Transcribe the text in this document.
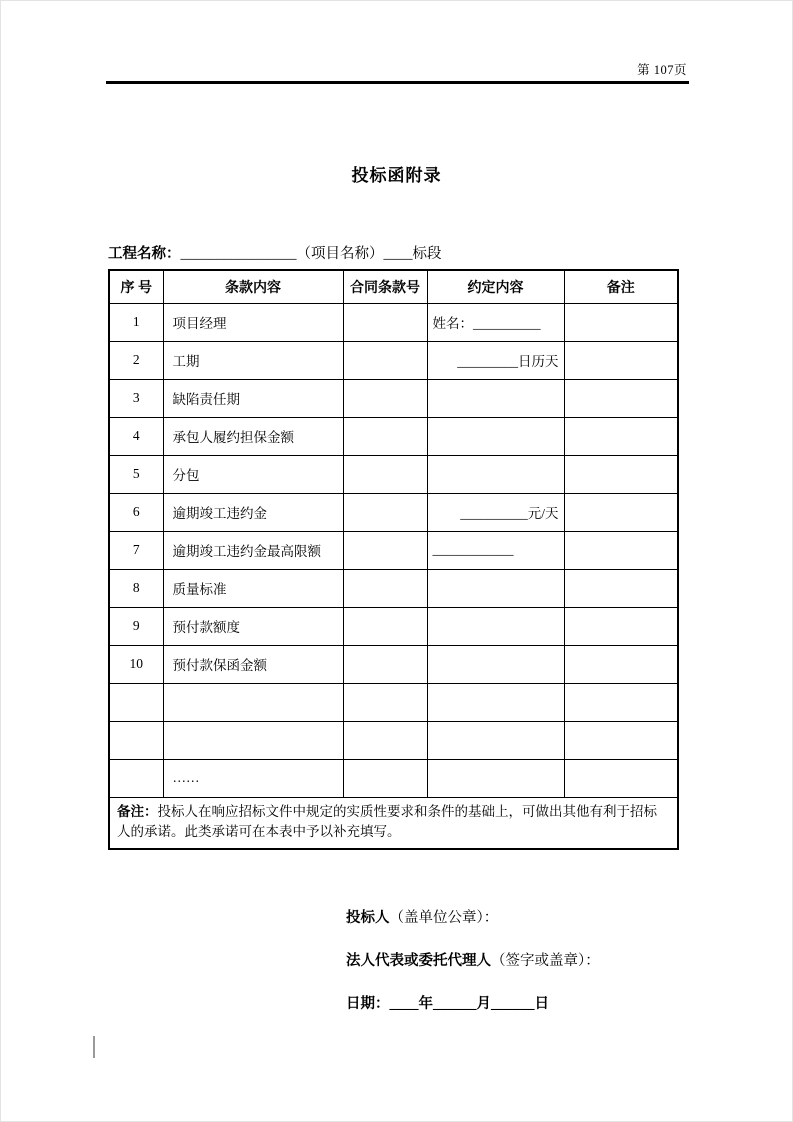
第 107页
投标函附录
工程名称：________________（项目名称）____标段
序 号	条款内容	合同条款号	约定内容	备注
1	项目经理		姓名：__________	
2	工期		_________日历天	
3	缺陷责任期			
4	承包人履约担保金额			
5	分包			
6	逾期竣工违约金		__________元/天	
7	逾期竣工违约金最高限额		____________	
8	质量标准			
9	预付款额度			
10	预付款保函金额			

	……			
备注：投标人在响应招标文件中规定的实质性要求和条件的基础上，可做出其他有利于招标人的承诺。此类承诺可在本表中予以补充填写。				

投标人（盖单位公章）：

法人代表或委托代理人（签字或盖章）：

日期：____年______月______日
